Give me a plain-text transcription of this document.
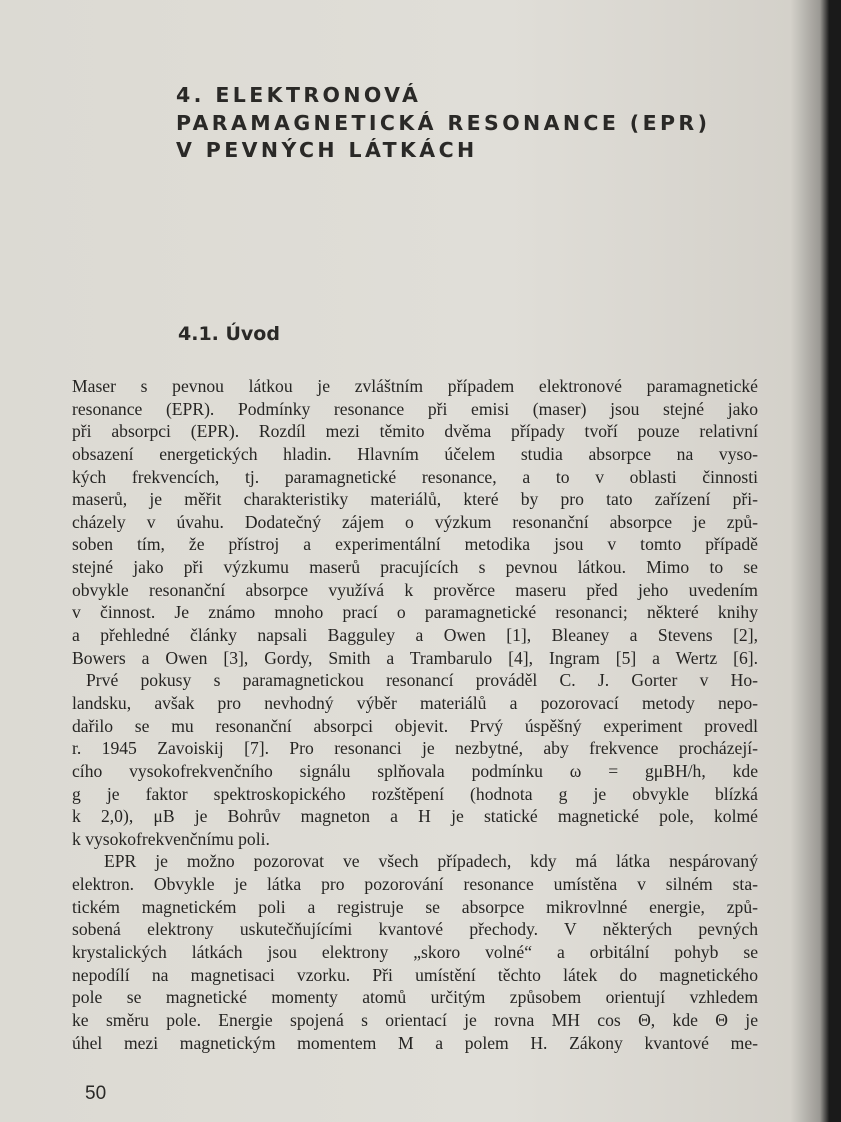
4. ELEKTRONOVÁ
PARAMAGNETICKÁ RESONANCE (EPR)
V PEVNÝCH LÁTKÁCH
4.1. Úvod
Maser s pevnou látkou je zvláštním případem elektronové paramagnetické
resonance (EPR). Podmínky resonance při emisi (maser) jsou stejné jako
při absorpci (EPR). Rozdíl mezi těmito dvěma případy tvoří pouze relativní
obsazení energetických hladin. Hlavním účelem studia absorpce na vyso-
kých frekvencích, tj. paramagnetické resonance, a to v oblasti činnosti
maserů, je měřit charakteristiky materiálů, které by pro tato zařízení při-
cházely v úvahu. Dodatečný zájem o výzkum resonanční absorpce je způ-
soben tím, že přístroj a experimentální metodika jsou v tomto případě
stejné jako při výzkumu maserů pracujících s pevnou látkou. Mimo to se
obvykle resonanční absorpce využívá k prověrce maseru před jeho uvedením
v činnost. Je známo mnoho prací o paramagnetické resonanci; některé knihy
a přehledné články napsali Bagguley a Owen [1], Bleaney a Stevens [2],
Bowers a Owen [3], Gordy, Smith a Trambarulo [4], Ingram [5] a Wertz [6].
Prvé pokusy s paramagnetickou resonancí prováděl C. J. Gorter v Ho-
landsku, avšak pro nevhodný výběr materiálů a pozorovací metody nepo-
dařilo se mu resonanční absorpci objevit. Prvý úspěšný experiment provedl
r. 1945 Zavoiskij [7]. Pro resonanci je nezbytné, aby frekvence procházejí-
cího vysokofrekvenčního signálu splňovala podmínku ω = gμBH/h, kde
g je faktor spektroskopického rozštěpení (hodnota g je obvykle blízká
k 2,0), μB je Bohrův magneton a H je statické magnetické pole, kolmé
k vysokofrekvenčnímu poli.
EPR je možno pozorovat ve všech případech, kdy má látka nespárovaný
elektron. Obvykle je látka pro pozorování resonance umístěna v silném sta-
tickém magnetickém poli a registruje se absorpce mikrovlnné energie, způ-
sobená elektrony uskutečňujícími kvantové přechody. V některých pevných
krystalických látkách jsou elektrony „skoro volné“ a orbitální pohyb se
nepodílí na magnetisaci vzorku. Při umístění těchto látek do magnetického
pole se magnetické momenty atomů určitým způsobem orientují vzhledem
ke směru pole. Energie spojená s orientací je rovna MH cos Θ, kde Θ je
úhel mezi magnetickým momentem M a polem H. Zákony kvantové me-
50
